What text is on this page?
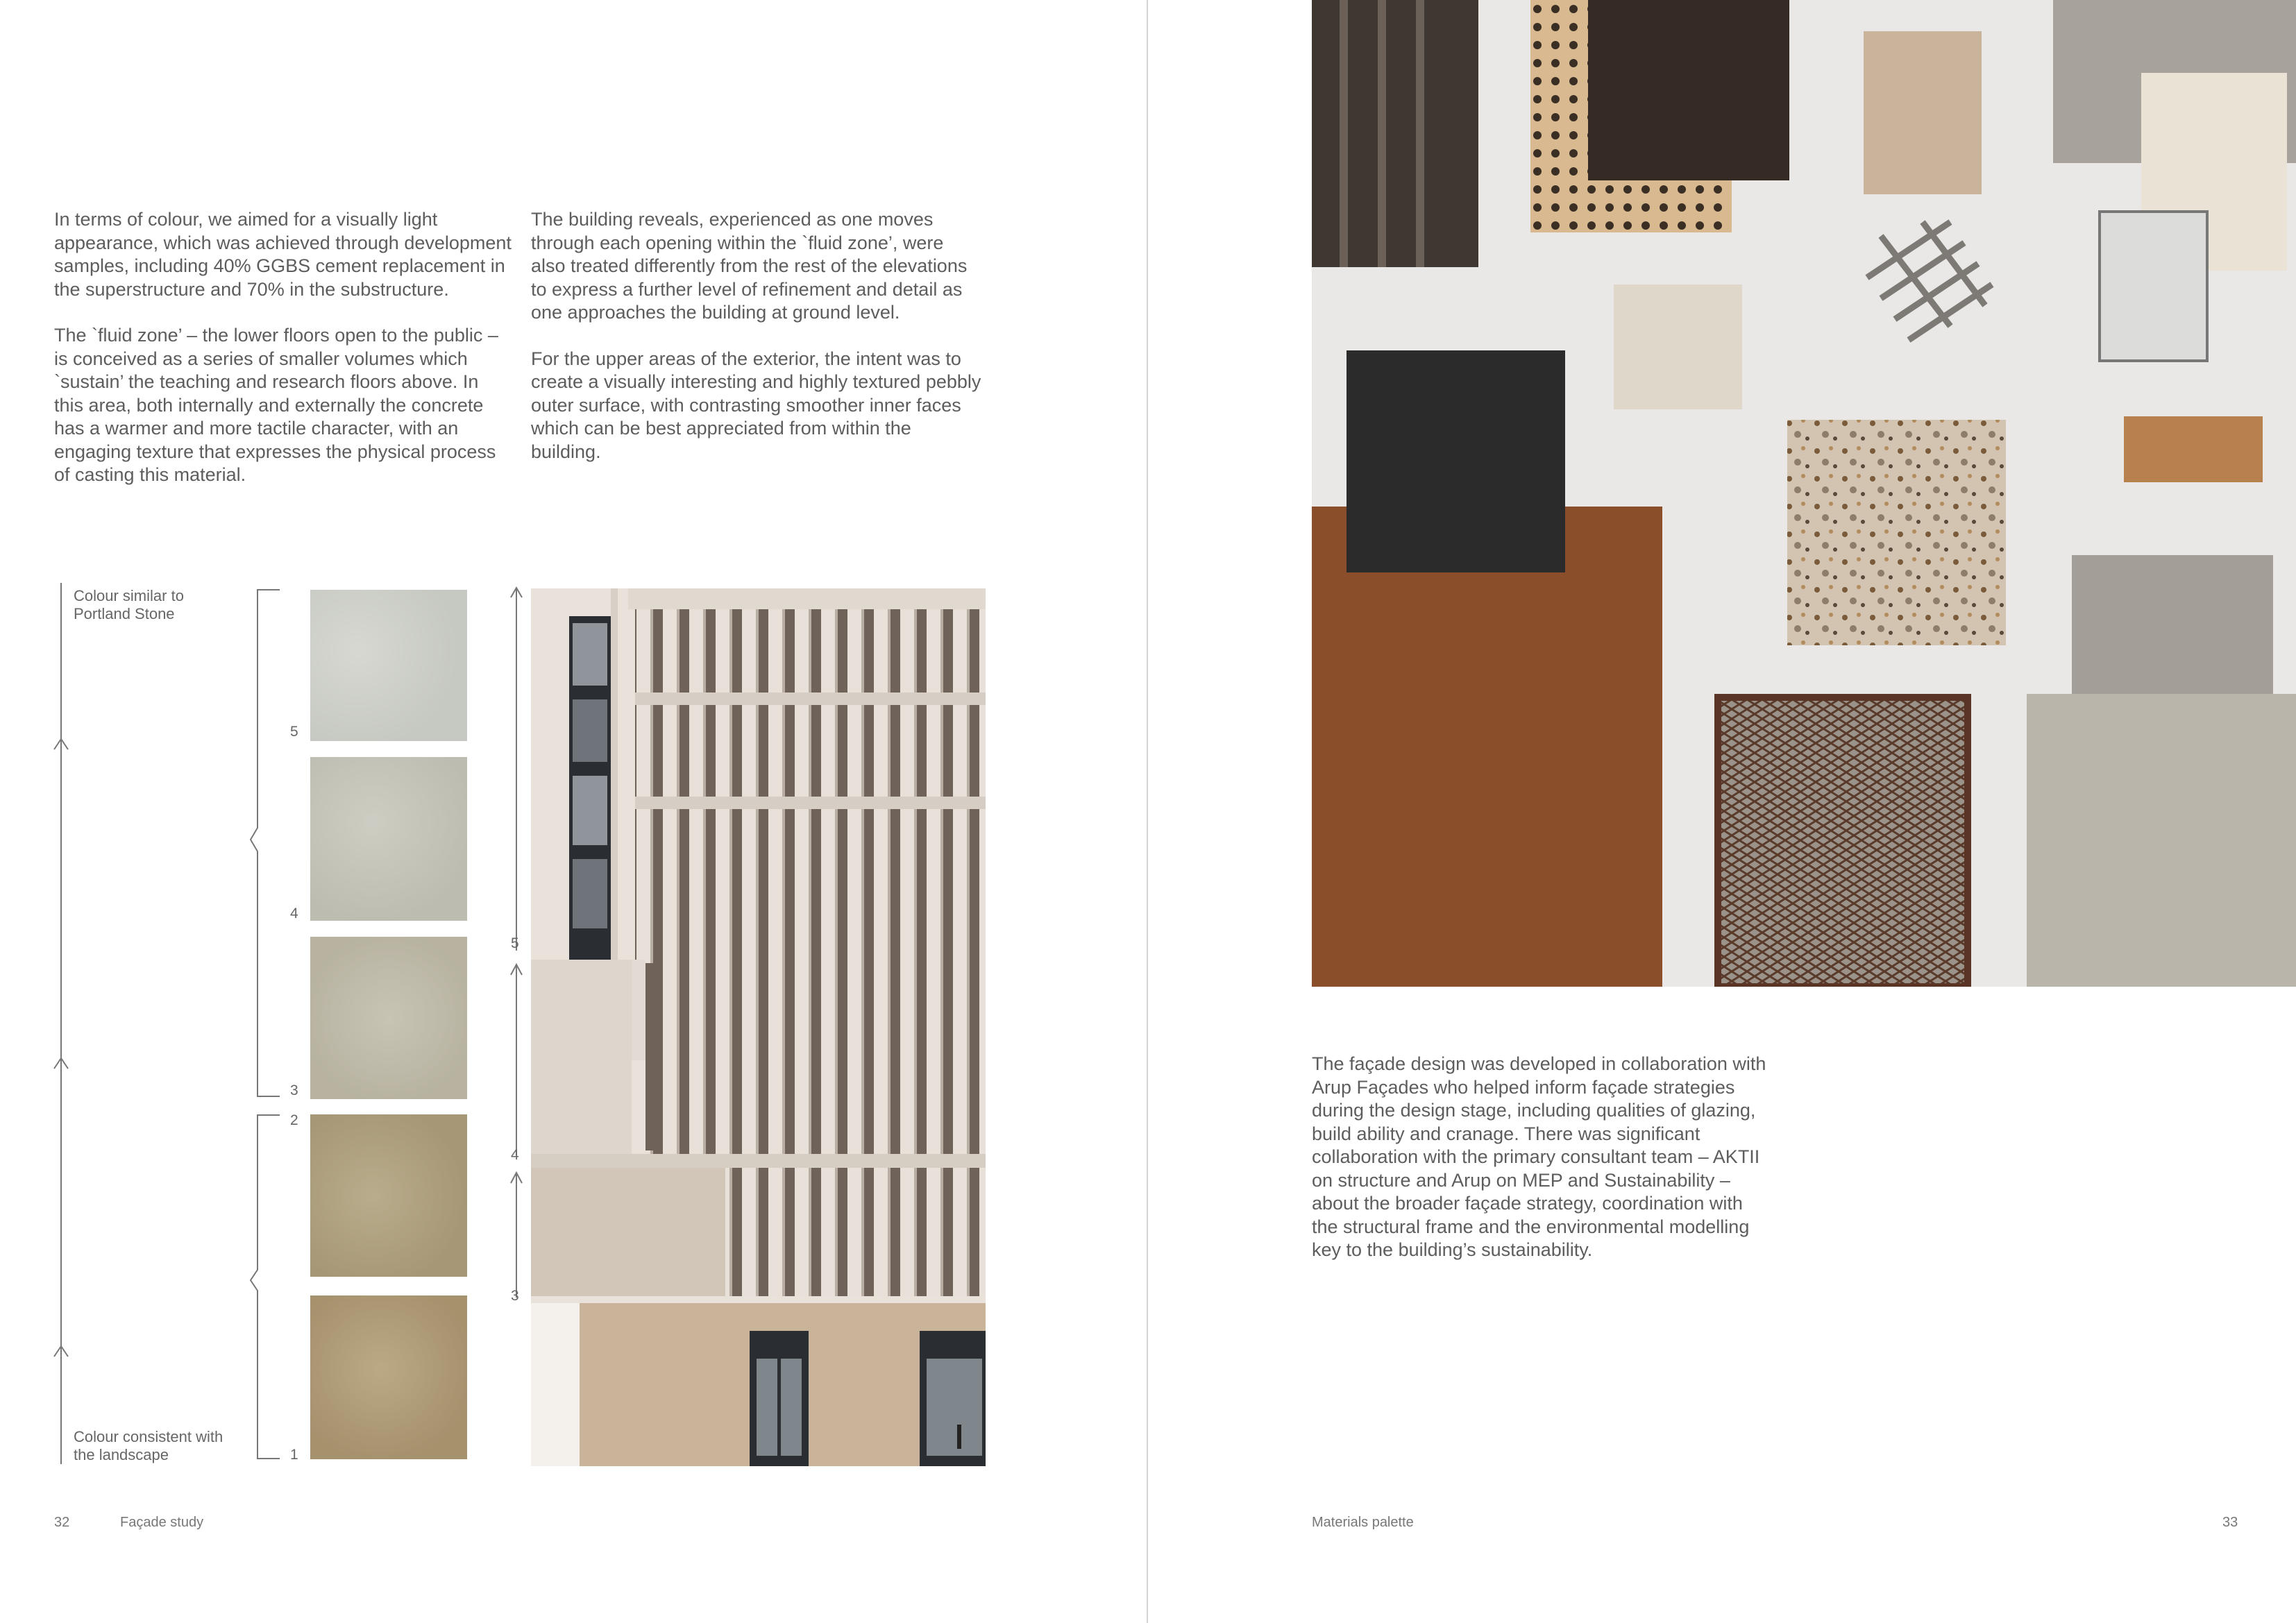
In terms of colour, we aimed for a visually light appearance, which was achieved through development samples, including 40% GGBS cement replacement in the superstructure and 70% in the substructure.

The `fluid zone’ – the lower floors open to the public – is conceived as a series of smaller volumes which `sustain’ the teaching and research floors above. In this area, both internally and externally the concrete has a warmer and more tactile character, with an engaging texture that expresses the physical process of casting this material.

The building reveals, experienced as one moves through each opening within the `fluid zone’, were also treated differently from the rest of the elevations to express a further level of refinement and detail as one approaches the building at ground level.

For the upper areas of the exterior, the intent was to create a visually interesting and highly textured pebbly outer surface, with contrasting smoother inner faces which can be best appreciated from within the building.

Colour similar to Portland Stone
Colour consistent with the landscape
5
4
3
2
1
5
4
3
32	Façade study
The façade design was developed in collaboration with Arup Façades who helped inform façade strategies during the design stage, including qualities of glazing, build ability and cranage. There was significant collaboration with the primary consultant team – AKTII on structure and Arup on MEP and Sustainability – about the broader façade strategy, coordination with the structural frame and the environmental modelling key to the building’s sustainability.
Materials palette	33
